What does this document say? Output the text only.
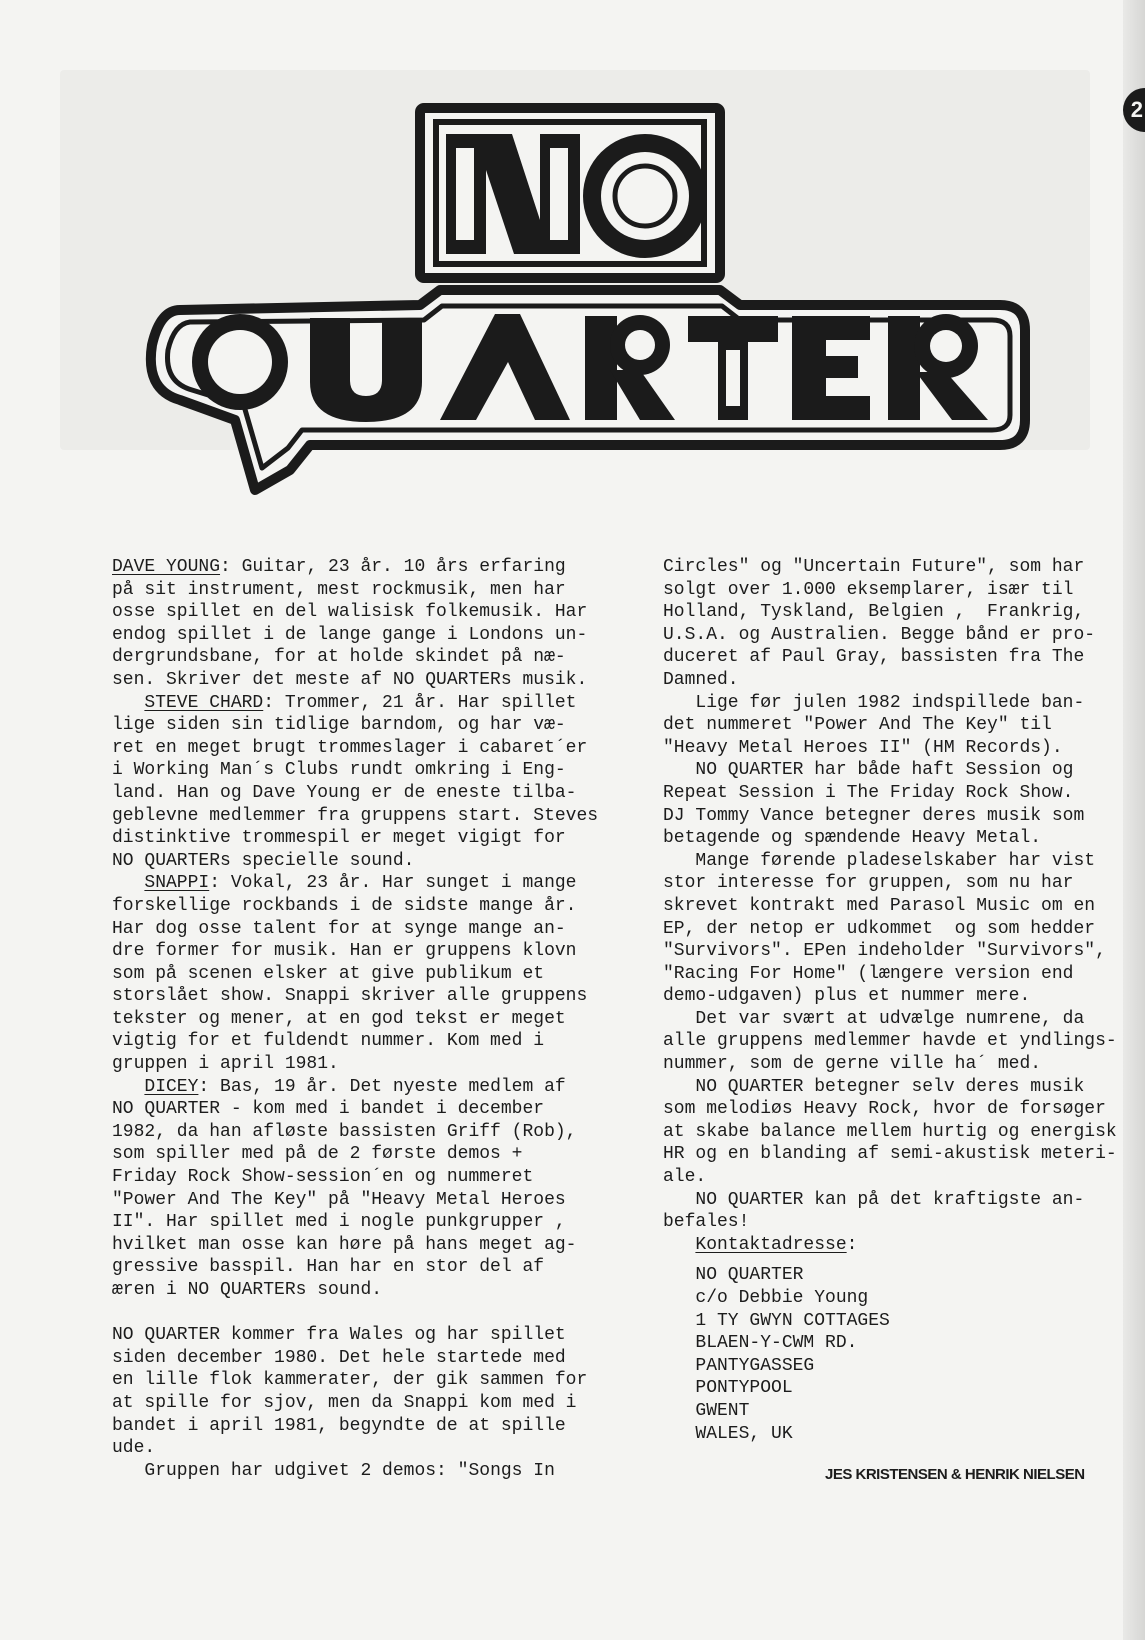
DAVE YOUNG: Guitar, 23 år. 10 års erfaring
på sit instrument, mest rockmusik, men har
osse spillet en del walisisk folkemusik. Har
endog spillet i de lange gange i Londons un-
dergrundsbane, for at holde skindet på næ-
sen. Skriver det meste af NO QUARTERs musik.
STEVE CHARD: Trommer, 21 år. Har spillet
lige siden sin tidlige barndom, og har væ-
ret en meget brugt trommeslager i cabaret´er
i Working Man´s Clubs rundt omkring i Eng-
land. Han og Dave Young er de eneste tilba-
geblevne medlemmer fra gruppens start. Steves
distinktive trommespil er meget vigigt for
NO QUARTERs specielle sound.
SNAPPI: Vokal, 23 år. Har sunget i mange
forskellige rockbands i de sidste mange år.
Har dog osse talent for at synge mange an-
dre former for musik. Han er gruppens klovn
som på scenen elsker at give publikum et
storslået show. Snappi skriver alle gruppens
tekster og mener, at en god tekst er meget
vigtig for et fuldendt nummer. Kom med i
gruppen i april 1981.
DICEY: Bas, 19 år. Det nyeste medlem af
NO QUARTER - kom med i bandet i december
1982, da han afløste bassisten Griff (Rob),
som spiller med på de 2 første demos +
Friday Rock Show-session´en og nummeret
"Power And The Key" på "Heavy Metal Heroes
II". Har spillet med i nogle punkgrupper ,
hvilket man osse kan høre på hans meget ag-
gressive basspil. Han har en stor del af
æren i NO QUARTERs sound.
NO QUARTER kommer fra Wales og har spillet
siden december 1980. Det hele startede med
en lille flok kammerater, der gik sammen for
at spille for sjov, men da Snappi kom med i
bandet i april 1981, begyndte de at spille
ude.
Gruppen har udgivet 2 demos: "Songs In
Circles" og "Uncertain Future", som har
solgt over 1.000 eksemplarer, især til
Holland, Tyskland, Belgien ,  Frankrig,
U.S.A. og Australien. Begge bånd er pro-
duceret af Paul Gray, bassisten fra The
Damned.
Lige før julen 1982 indspillede ban-
det nummeret "Power And The Key" til
"Heavy Metal Heroes II" (HM Records).
NO QUARTER har både haft Session og
Repeat Session i The Friday Rock Show.
DJ Tommy Vance betegner deres musik som
betagende og spændende Heavy Metal.
Mange førende pladeselskaber har vist
stor interesse for gruppen, som nu har
skrevet kontrakt med Parasol Music om en
EP, der netop er udkommet  og som hedder
"Survivors". EPen indeholder "Survivors",
"Racing For Home" (længere version end
demo-udgaven) plus et nummer mere.
Det var svært at udvælge numrene, da
alle gruppens medlemmer havde et yndlings-
nummer, som de gerne ville ha´ med.
NO QUARTER betegner selv deres musik
som melodiøs Heavy Rock, hvor de forsøger
at skabe balance mellem hurtig og energisk
HR og en blanding af semi-akustisk meteri-
ale.
NO QUARTER kan på det kraftigste an-
befales!
Kontaktadresse:
NO QUARTER
c/o Debbie Young
1 TY GWYN COTTAGES
BLAEN-Y-CWM RD.
PANTYGASSEG
PONTYPOOL
GWENT
WALES, UK
JES KRISTENSEN & HENRIK NIELSEN
2
